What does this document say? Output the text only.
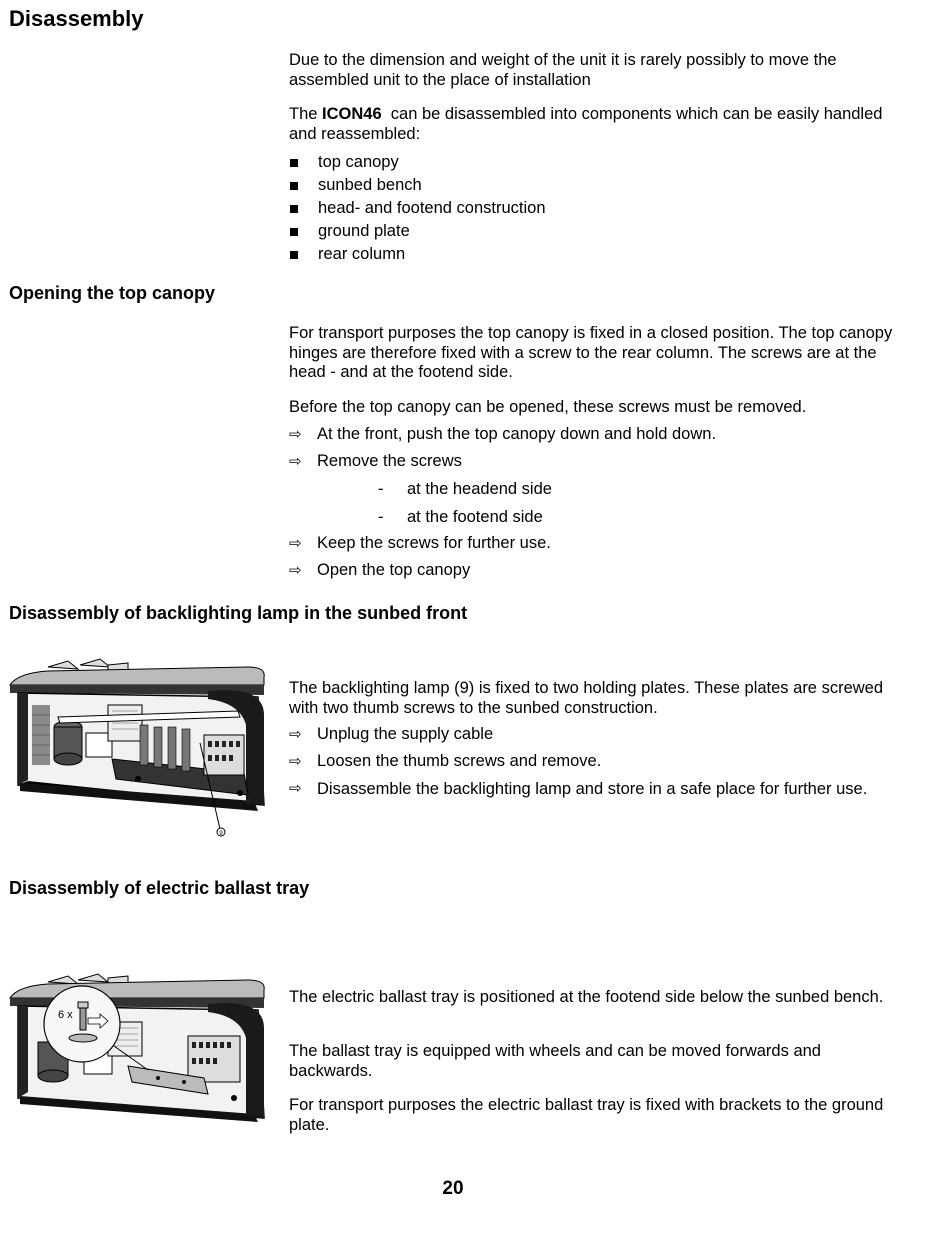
Disassembly
Due to the dimension and weight of the unit it is rarely possibly to move the assembled unit to the place of installation
The ICON46  can be disassembled into components which can be easily handled and reassembled:
top canopy
sunbed bench
head- and footend construction
ground plate
rear column
Opening the top canopy
For transport purposes the top canopy is fixed in a closed position. The top canopy hinges are therefore fixed with a screw to the rear column. The screws are at the head - and at the footend side.
Before the top canopy can be opened, these screws must be removed.
⇨ At the front, push the top canopy down and hold down.
⇨ Remove the screws
- at the headend side
- at the footend side
⇨ Keep the screws for further use.
⇨ Open the top canopy
Disassembly of backlighting lamp in the sunbed front
9
The backlighting lamp (9) is fixed to two holding plates. These plates are screwed with two thumb screws to the sunbed construction.
⇨ Unplug the supply cable
⇨ Loosen the thumb screws and remove.
⇨ Disassemble the backlighting lamp and store in a safe place for further use.
Disassembly of electric ballast tray
6 x
The electric ballast tray is positioned at the footend side below the sunbed bench.
The ballast tray is equipped with wheels and can be moved forwards and backwards.
For transport purposes the electric ballast tray is fixed with brackets to the ground plate.
20
